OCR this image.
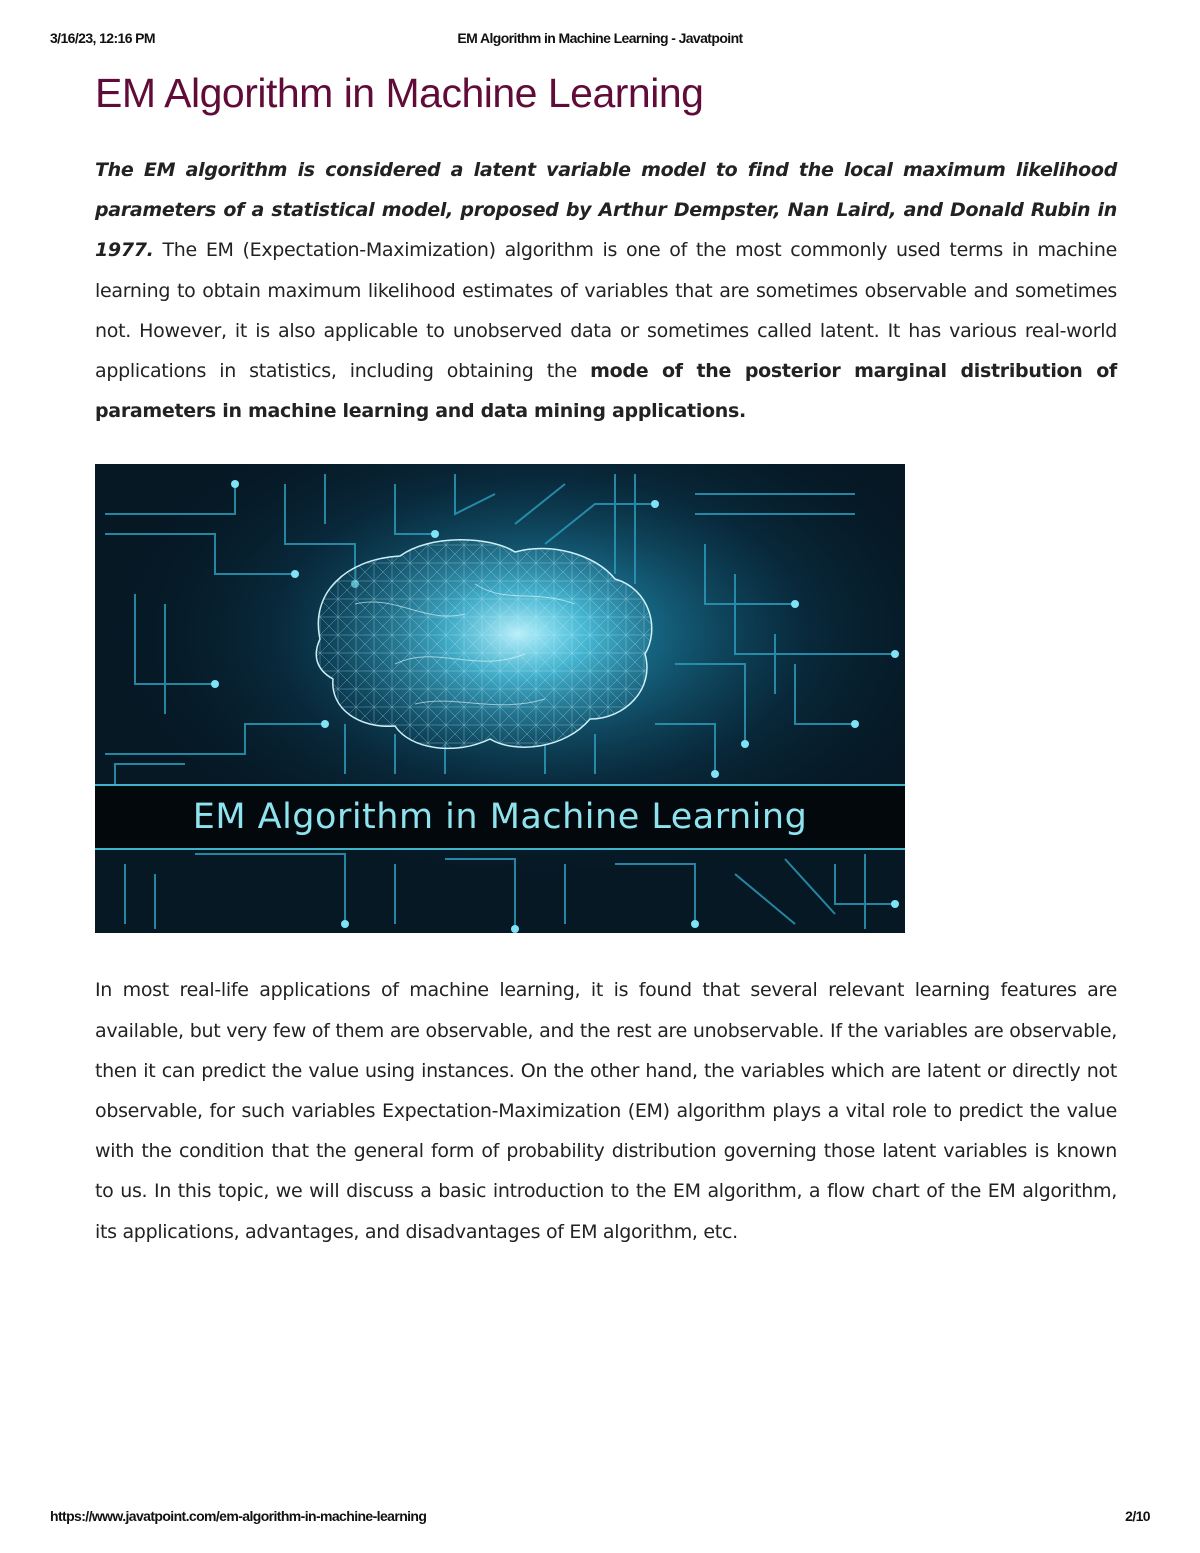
3/16/23, 12:16 PM	EM Algorithm in Machine Learning - Javatpoint
EM Algorithm in Machine Learning

The EM algorithm is considered a latent variable model to find the local maximum likelihood parameters of a statistical model, proposed by Arthur Dempster, Nan Laird, and Donald Rubin in 1977. The EM (Expectation-Maximization) algorithm is one of the most commonly used terms in machine learning to obtain maximum likelihood estimates of variables that are sometimes observable and sometimes not. However, it is also applicable to unobserved data or sometimes called latent. It has various real-world applications in statistics, including obtaining the mode of the posterior marginal distribution of parameters in machine learning and data mining applications.

EM Algorithm in Machine Learning

In most real-life applications of machine learning, it is found that several relevant learning features are available, but very few of them are observable, and the rest are unobservable. If the variables are observable, then it can predict the value using instances. On the other hand, the variables which are latent or directly not observable, for such variables Expectation-Maximization (EM) algorithm plays a vital role to predict the value with the condition that the general form of probability distribution governing those latent variables is known to us. In this topic, we will discuss a basic introduction to the EM algorithm, a flow chart of the EM algorithm, its applications, advantages, and disadvantages of EM algorithm, etc.

https://www.javatpoint.com/em-algorithm-in-machine-learning	2/10
